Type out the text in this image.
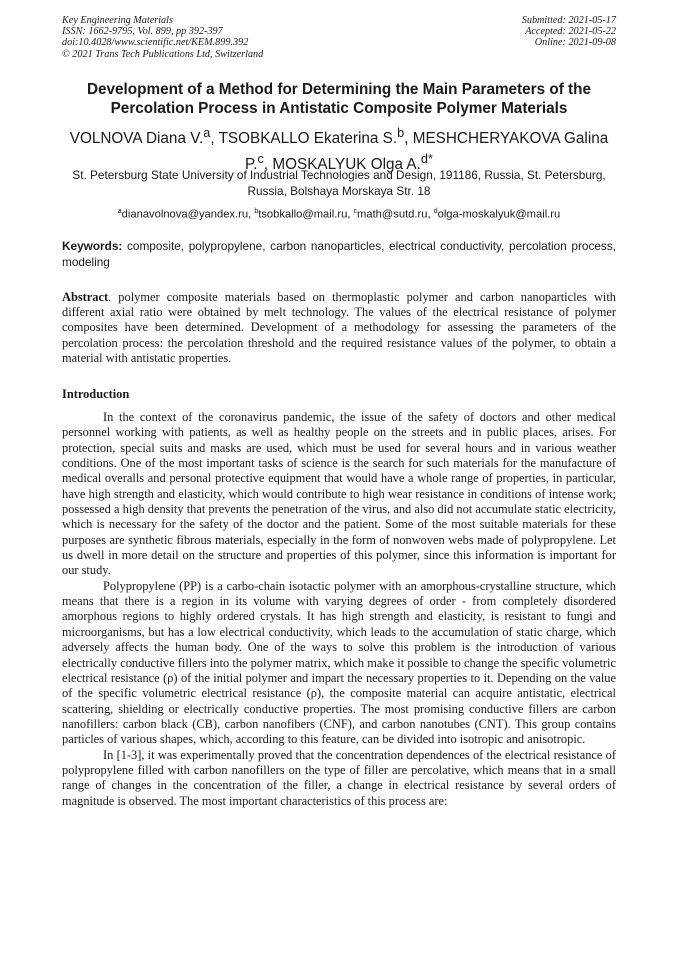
Key Engineering Materials
ISSN: 1662-9795, Vol. 899, pp 392-397
doi:10.4028/www.scientific.net/KEM.899.392
© 2021 Trans Tech Publications Ltd, Switzerland
Submitted: 2021-05-17
Accepted: 2021-05-22
Online: 2021-09-08
Development of a Method for Determining the Main Parameters of the Percolation Process in Antistatic Composite Polymer Materials
VOLNOVA Diana V.$^a$, TSOBKALLO Ekaterina S.$^b$, MESHCHERYAKOVA Galina P.$^c$, MOSKALYUK Olga A.$^{d*}$
St. Petersburg State University of Industrial Technologies and Design, 191186, Russia, St. Petersburg, Russia, Bolshaya Morskaya Str. 18
$^a$dianavolnova@yandex.ru, $^b$tsobkallo@mail.ru, $^c$math@sutd.ru, $^d$olga-moskalyuk@mail.ru
Keywords: composite, polypropylene, carbon nanoparticles, electrical conductivity, percolation process, modeling
Abstract. polymer composite materials based on thermoplastic polymer and carbon nanoparticles with different axial ratio were obtained by melt technology. The values of the electrical resistance of polymer composites have been determined. Development of a methodology for assessing the parameters of the percolation process: the percolation threshold and the required resistance values of the polymer, to obtain a material with antistatic properties.
Introduction

In the context of the coronavirus pandemic, the issue of the safety of doctors and other medical personnel working with patients, as well as healthy people on the streets and in public places, arises. For protection, special suits and masks are used, which must be used for several hours and in various weather conditions. One of the most important tasks of science is the search for such materials for the manufacture of medical overalls and personal protective equipment that would have a whole range of properties, in particular, have high strength and elasticity, which would contribute to high wear resistance in conditions of intense work; possessed a high density that prevents the penetration of the virus, and also did not accumulate static electricity, which is necessary for the safety of the doctor and the patient. Some of the most suitable materials for these purposes are synthetic fibrous materials, especially in the form of nonwoven webs made of polypropylene. Let us dwell in more detail on the structure and properties of this polymer, since this information is important for our study.

Polypropylene (PP) is a carbo-chain isotactic polymer with an amorphous-crystalline structure, which means that there is a region in its volume with varying degrees of order - from completely disordered amorphous regions to highly ordered crystals. It has high strength and elasticity, is resistant to fungi and microorganisms, but has a low electrical conductivity, which leads to the accumulation of static charge, which adversely affects the human body. One of the ways to solve this problem is the introduction of various electrically conductive fillers into the polymer matrix, which make it possible to change the specific volumetric electrical resistance (ρ) of the initial polymer and impart the necessary properties to it. Depending on the value of the specific volumetric electrical resistance (ρ), the composite material can acquire antistatic, electrical scattering, shielding or electrically conductive properties. The most promising conductive fillers are carbon nanofillers: carbon black (CB), carbon nanofibers (CNF), and carbon nanotubes (CNT). This group contains particles of various shapes, which, according to this feature, can be divided into isotropic and anisotropic.

In [1-3], it was experimentally proved that the concentration dependences of the electrical resistance of polypropylene filled with carbon nanofillers on the type of filler are percolative, which means that in a small range of changes in the concentration of the filler, a change in electrical resistance by several orders of magnitude is observed. The most important characteristics of this process are:
